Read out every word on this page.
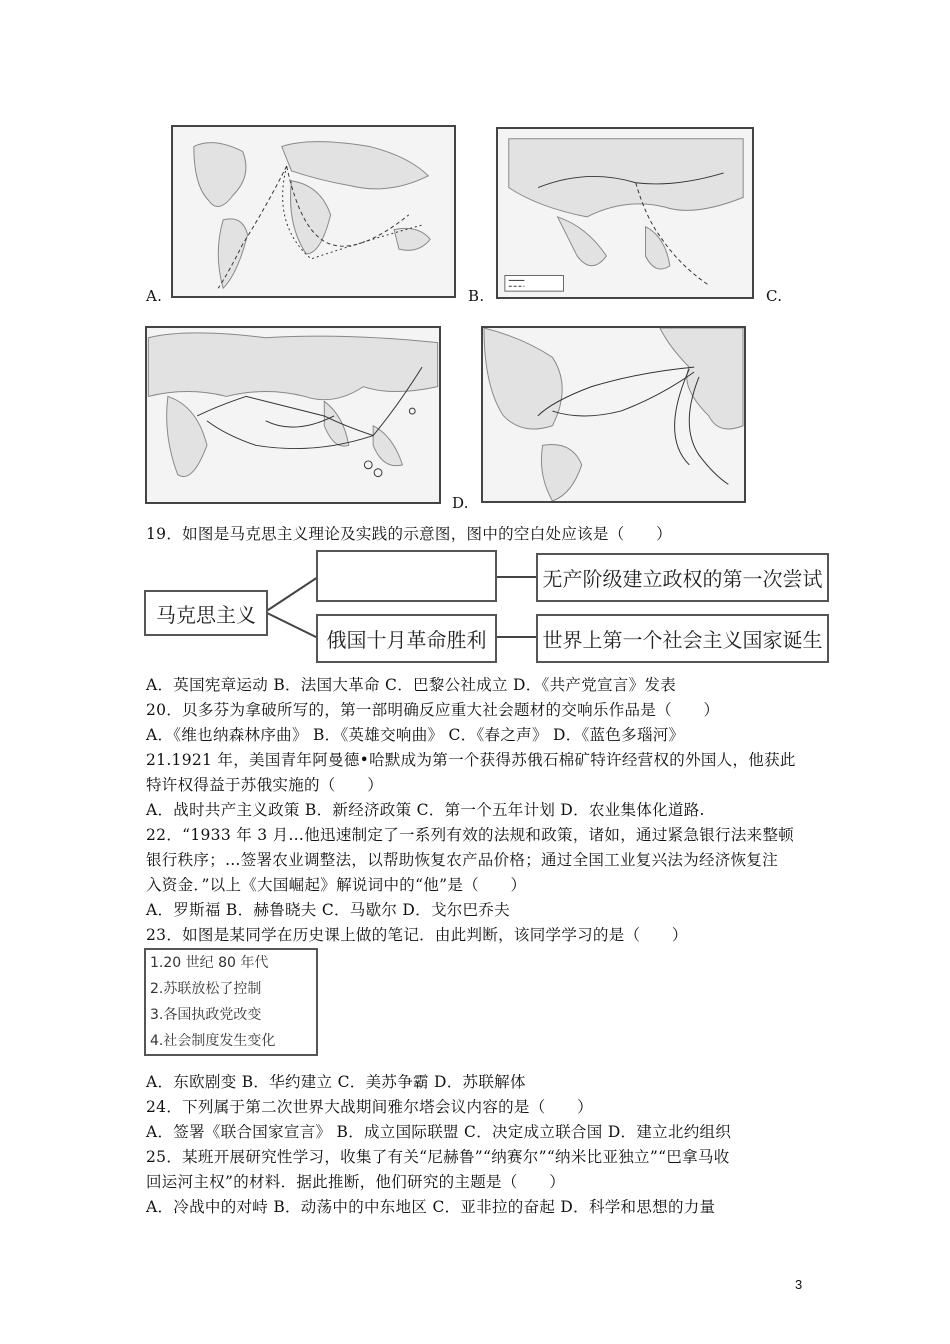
A.	B.	C.
D.
19．如图是马克思主义理论及实践的示意图，图中的空白处应该是（　　）
马克思主义
无产阶级建立政权的第一次尝试
俄国十月革命胜利	世界上第一个社会主义国家诞生
A．英国宪章运动 B．法国大革命 C．巴黎公社成立 D．《共产党宣言》发表
20．贝多芬为拿破所写的，第一部明确反应重大社会题材的交响乐作品是（　　）
A．《维也纳森林序曲》 B．《英雄交响曲》 C．《春之声》 D．《蓝色多瑙河》
21.1921 年，美国青年阿曼德•哈默成为第一个获得苏俄石棉矿特许经营权的外国人，他获此
特许权得益于苏俄实施的（　　）
A．战时共产主义政策 B．新经济政策 C．第一个五年计划 D．农业集体化道路.
22．“1933 年 3 月…他迅速制定了一系列有效的法规和政策，诸如，通过紧急银行法来整顿
银行秩序；…签署农业调整法，以帮助恢复农产品价格；通过全国工业复兴法为经济恢复注
入资金．”以上《大国崛起》解说词中的“他”是（　　）
A．罗斯福 B．赫鲁晓夫 C．马歇尔 D．戈尔巴乔夫
23．如图是某同学在历史课上做的笔记．由此判断，该同学学习的是（　　）
1.20 世纪 80 年代
2.苏联放松了控制
3.各国执政党改变
4.社会制度发生变化
A．东欧剧变 B．华约建立 C．美苏争霸 D．苏联解体
24．下列属于第二次世界大战期间雅尔塔会议内容的是（　　）
A．签署《联合国家宣言》 B．成立国际联盟 C．决定成立联合国 D．建立北约组织
25．某班开展研究性学习，收集了有关“尼赫鲁”“纳赛尔”“纳米比亚独立”“巴拿马收
回运河主权”的材料．据此推断，他们研究的主题是（　　）
A．冷战中的对峙 B．动荡中的中东地区 C．亚非拉的奋起 D．科学和思想的力量
3
